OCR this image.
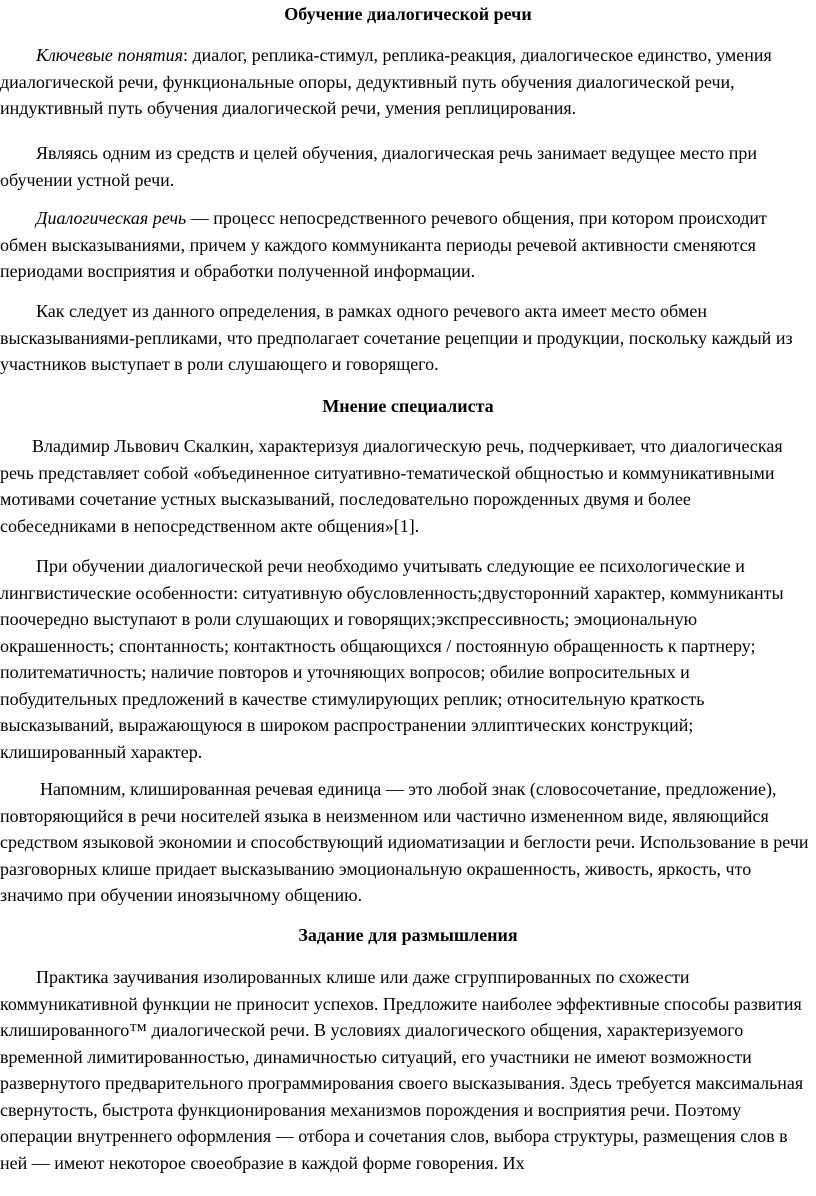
Обучение диалогической речи

Ключевые понятия: диалог, реплика-стимул, реплика-реакция, диалогическое единство, умения диалогической речи, функциональные опоры, дедуктивный путь обучения диалогической речи, индуктивный путь обучения диалогической речи, умения реплицирования.

Являясь одним из средств и целей обучения, диалогическая речь занимает ведущее место при обучении устной речи.

Диалогическая речь — процесс непосредственного речевого общения, при котором происходит обмен высказываниями, причем у каждого коммуниканта периоды речевой активности сменяются периодами восприятия и обработки полученной информации.

Как следует из данного определения, в рамках одного речевого акта имеет место обмен высказываниями-репликами, что предполагает сочетание рецепции и продукции, поскольку каждый из участников выступает в роли слушающего и говорящего.

Мнение специалиста

Владимир Львович Скалкин, характеризуя диалогическую речь, подчеркивает, что диалогическая речь представляет собой «объединенное ситуативно-тематической общностью и коммуникативными мотивами сочетание устных высказываний, последовательно порожденных двумя и более собеседниками в непосредственном акте общения»[1].

При обучении диалогической речи необходимо учитывать следующие ее психологические и лингвистические особенности: ситуативную обусловленность;двусторонний характер, коммуниканты поочередно выступают в роли слушающих и говорящих;экспрессивность; эмоциональную окрашенность; спонтанность; контактность общающихся / постоянную обращенность к партнеру; политематичность; наличие повторов и уточняющих вопросов; обилие вопросительных и побудительных предложений в качестве стимулирующих реплик; относительную краткость высказываний, выражающуюся в широком распространении эллиптических конструкций; клишированный характер.

Напомним, клишированная речевая единица — это любой знак (словосочетание, предложение), повторяющийся в речи носителей языка в неизменном или частично измененном виде, являющийся средством языковой экономии и способствующий идиоматизации и беглости речи. Использование в речи разговорных клише придает высказыванию эмоциональную окрашенность, живость, яркость, что значимо при обучении иноязычному общению.

Задание для размышления

Практика заучивания изолированных клише или даже сгруппированных по схожести коммуникативной функции не приносит успехов. Предложите наиболее эффективные способы развития клишированного™ диалогической речи. В условиях диалогического общения, характеризуемого временной лимитированностью, динамичностью ситуаций, его участники не имеют возможности развернутого предварительного программирования своего высказывания. Здесь требуется максимальная свернутость, быстрота функционирования механизмов порождения и восприятия речи. Поэтому операции внутреннего оформления — отбора и сочетания слов, выбора структуры, размещения слов в ней — имеют некоторое своеобразие в каждой форме говорения. Их
